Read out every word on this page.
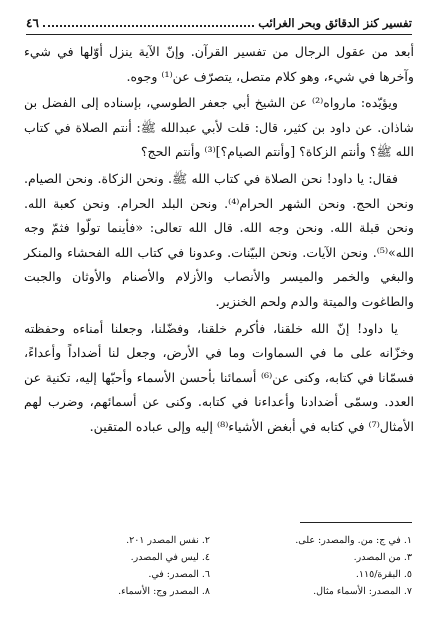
تفسير كنز الدقائق وبحر الغرائب
٤٦

أبعد من عقول الرجال من تفسير القرآن. وإنّ الآية ينزل أوّلها في شيء وآخرها في شيء، وهو كلام متصل، يتصرّف عن⁽¹⁾ وجوه.

ويؤيّده: مارواه⁽²⁾ عن الشيخ أبي جعفر الطوسي، بإسناده إلى الفضل بن شاذان. عن داود بن كثير، قال: قلت لأبي عبدالله ﷺ: أنتم الصلاة في كتاب الله ﷺ؟ وأنتم الزكاة؟ [وأنتم الصيام؟]⁽³⁾ وأنتم الحج؟

فقال: يا داود! نحن الصلاة في كتاب الله ﷺ. ونحن الزكاة. ونحن الصيام. ونحن الحج. ونحن الشهر الحرام⁽⁴⁾. ونحن البلد الحرام. ونحن كعبة الله. ونحن قبلة الله. ونحن وجه الله. قال الله تعالى: «فأينما تولّوا فثمّ وجه الله»⁽⁵⁾. ونحن الآيات. ونحن البيّنات. وعدونا في كتاب الله الفحشاء والمنكر والبغي والخمر والميسر والأنصاب والأزلام والأصنام والأوثان والجبت والطاغوت والميتة والدم ولحم الخنزير.

يا داود! إنّ الله خلقنا، فأكرم خلقنا، وفضّلنا، وجعلنا أمناءه وحفظته وخزّانه على ما في السماوات وما في الأرض، وجعل لنا أضداداً وأعداءً، فسمّانا في كتابه، وكنى عن⁽⁶⁾ أسمائنا بأحسن الأسماء وأحبّها إليه، تكنية عن العدد. وسمّى أضدادنا وأعداءنا في كتابه. وكنى عن أسمائهم، وضرب لهم الأمثال⁽⁷⁾ في كتابه في أبغض الأشياء⁽⁸⁾ إليه وإلى عباده المتقين.

١. في ج: من. والمصدر: على.
٢. نفس المصدر ٢٠١.
٣. من المصدر.
٤. ليس في المصدر.
٥. البقرة/١١٥.
٦. المصدر: في.
٧. المصدر: الأسماء مثال.
٨. المصدر وج: الأسماء.
